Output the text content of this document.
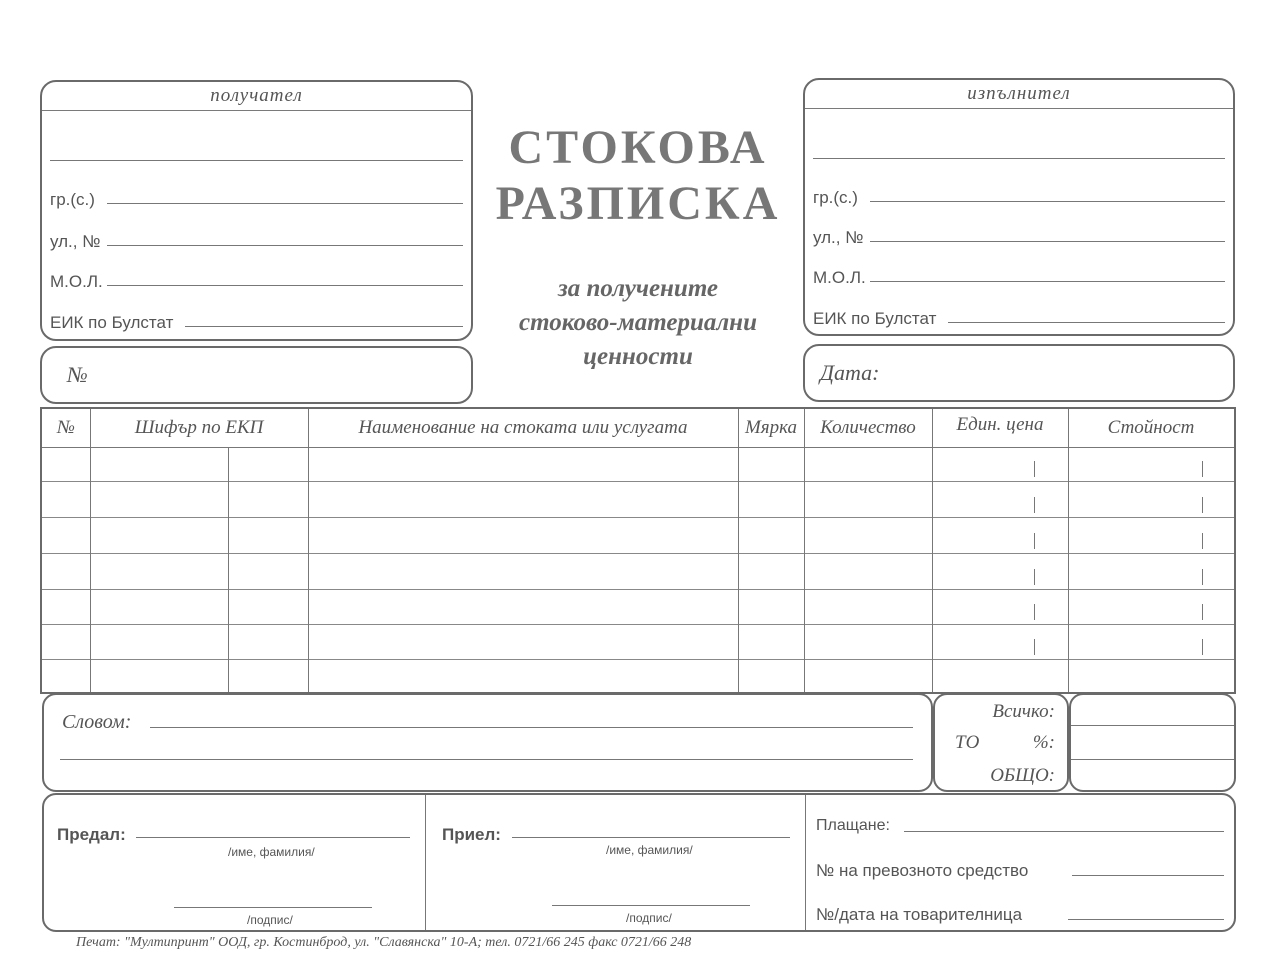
получател
гр.(с.)
ул., №
М.О.Л.
ЕИК по Булстат
№
СТОКОВА
РАЗПИСКА
за получените
стоково-материални
ценности
изпълнител
гр.(с.)
ул., №
М.О.Л.
ЕИК по Булстат
Дата:
№	Шифър по ЕКП	Наименование на стоката или услугата	Мярка	Количество	Един. цена	Стойност
Словом:	Всичко:
ТО	%:
ОБЩО:
Предал:
/име, фамилия/
/подпис/
Приел:
/име, фамилия/
/подпис/
Плащане:
№ на превозното средство
№/дата на товарителница
Печат: "Мултипринт" ООД, гр. Костинброд, ул. "Славянска" 10-А; тел. 0721/66 245 факс 0721/66 248
